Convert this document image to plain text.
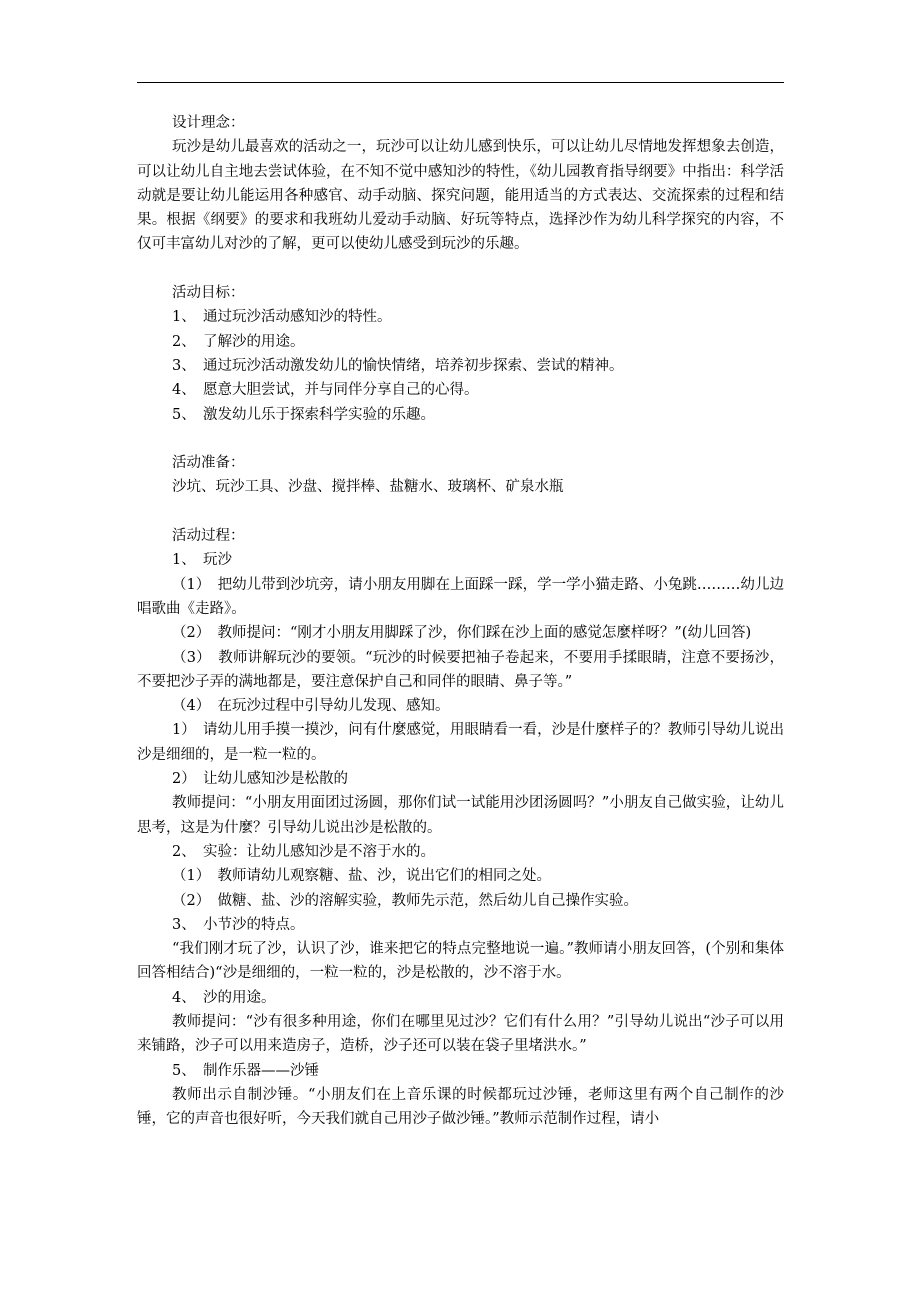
设计理念：

玩沙是幼儿最喜欢的活动之一，玩沙可以让幼儿感到快乐，可以让幼儿尽情地发挥想象去创造，可以让幼儿自主地去尝试体验，在不知不觉中感知沙的特性，《幼儿园教育指导纲要》中指出：科学活动就是要让幼儿能运用各种感官、动手动脑、探究问题，能用适当的方式表达、交流探索的过程和结果。根据《纲要》的要求和我班幼儿爱动手动脑、好玩等特点，选择沙作为幼儿科学探究的内容，不仅可丰富幼儿对沙的了解，更可以使幼儿感受到玩沙的乐趣。

活动目标：

1、　通过玩沙活动感知沙的特性。

2、　了解沙的用途。

3、　通过玩沙活动激发幼儿的愉快情绪，培养初步探索、尝试的精神。

4、　愿意大胆尝试，并与同伴分享自己的心得。

5、　激发幼儿乐于探索科学实验的乐趣。

活动准备：

沙坑、玩沙工具、沙盘、搅拌棒、盐糖水、玻璃杯、矿泉水瓶

活动过程：

1、　玩沙

（1）　把幼儿带到沙坑旁，请小朋友用脚在上面踩一踩，学一学小猫走路、小兔跳………幼儿边唱歌曲《走路》。

（2）　教师提问：“刚才小朋友用脚踩了沙，你们踩在沙上面的感觉怎麼样呀？”(幼儿回答)

（3）　教师讲解玩沙的要领。“玩沙的时候要把袖子卷起来，不要用手揉眼睛，注意不要扬沙，不要把沙子弄的满地都是，要注意保护自己和同伴的眼睛、鼻子等。”

（4）　在玩沙过程中引导幼儿发现、感知。

1）　请幼儿用手摸一摸沙，问有什麼感觉，用眼睛看一看，沙是什麼样子的？教师引导幼儿说出沙是细细的，是一粒一粒的。

2）　让幼儿感知沙是松散的

教师提问：“小朋友用面团过汤圆，那你们试一试能用沙团汤圆吗？”小朋友自己做实验，让幼儿思考，这是为什麼？引导幼儿说出沙是松散的。

2、　实验：让幼儿感知沙是不溶于水的。

（1）　教师请幼儿观察糖、盐、沙，说出它们的相同之处。

（2）　做糖、盐、沙的溶解实验，教师先示范，然后幼儿自己操作实验。

3、　小节沙的特点。

“我们刚才玩了沙，认识了沙，谁来把它的特点完整地说一遍。”教师请小朋友回答，(个别和集体回答相结合)“沙是细细的，一粒一粒的，沙是松散的，沙不溶于水。

4、　沙的用途。

教师提问：“沙有很多种用途，你们在哪里见过沙？它们有什么用？”引导幼儿说出“沙子可以用来铺路，沙子可以用来造房子，造桥，沙子还可以装在袋子里堵洪水。”

5、　制作乐器——沙锤

教师出示自制沙锤。“小朋友们在上音乐课的时候都玩过沙锤，老师这里有两个自己制作的沙锤，它的声音也很好听，今天我们就自己用沙子做沙锤。”教师示范制作过程，请小
